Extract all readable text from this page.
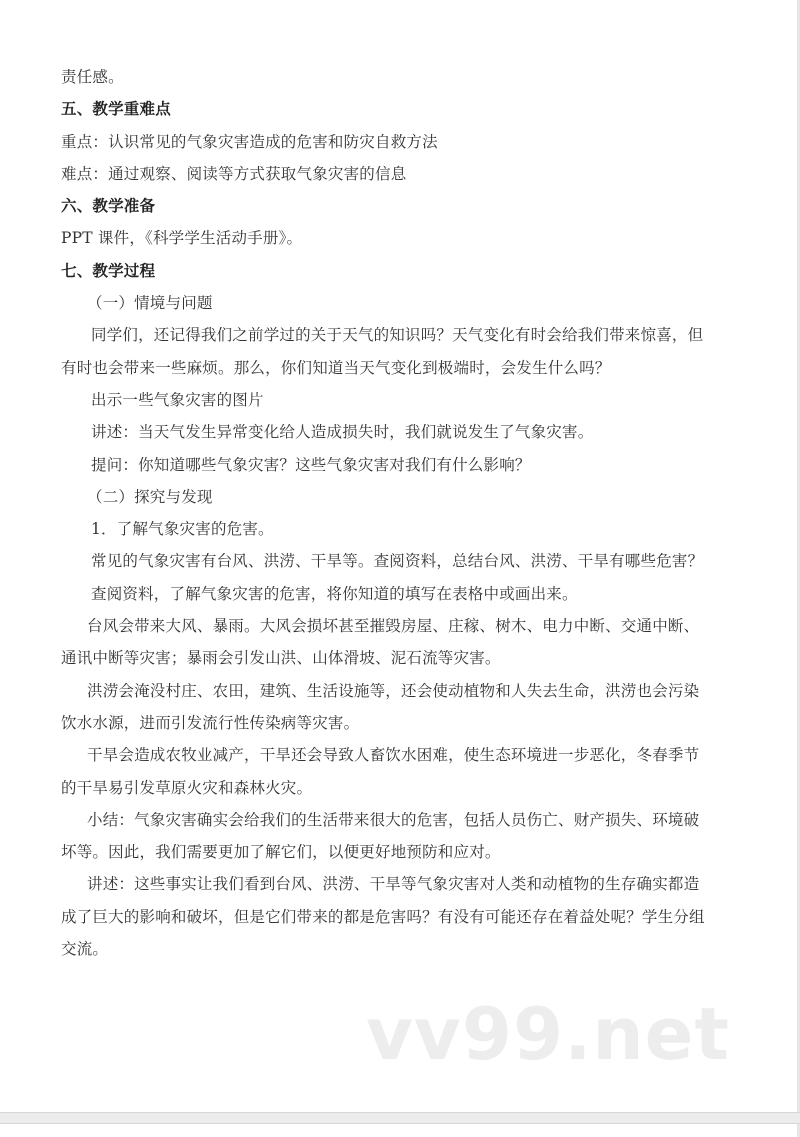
责任感。
五、教学重难点
重点：认识常见的气象灾害造成的危害和防灾自救方法
难点：通过观察、阅读等方式获取气象灾害的信息
六、教学准备
PPT 课件，《科学学生活动手册》。
七、教学过程
（一）情境与问题
同学们，还记得我们之前学过的关于天气的知识吗？天气变化有时会给我们带来惊喜，但
有时也会带来一些麻烦。那么，你们知道当天气变化到极端时，会发生什么吗？
出示一些气象灾害的图片
讲述：当天气发生异常变化给人造成损失时，我们就说发生了气象灾害。
提问：你知道哪些气象灾害？这些气象灾害对我们有什么影响？
（二）探究与发现
1．了解气象灾害的危害。
常见的气象灾害有台风、洪涝、干旱等。查阅资料，总结台风、洪涝、干旱有哪些危害？
查阅资料，了解气象灾害的危害，将你知道的填写在表格中或画出来。
台风会带来大风、暴雨。大风会损坏甚至摧毁房屋、庄稼、树木、电力中断、交通中断、
通讯中断等灾害；暴雨会引发山洪、山体滑坡、泥石流等灾害。
洪涝会淹没村庄、农田，建筑、生活设施等，还会使动植物和人失去生命，洪涝也会污染
饮水水源，进而引发流行性传染病等灾害。
干旱会造成农牧业减产，干旱还会导致人畜饮水困难，使生态环境进一步恶化，冬春季节
的干旱易引发草原火灾和森林火灾。
小结：气象灾害确实会给我们的生活带来很大的危害，包括人员伤亡、财产损失、环境破
坏等。因此，我们需要更加了解它们，以便更好地预防和应对。
讲述：这些事实让我们看到台风、洪涝、干旱等气象灾害对人类和动植物的生存确实都造
成了巨大的影响和破坏，但是它们带来的都是危害吗？有没有可能还存在着益处呢？学生分组
交流。
vv99.net
